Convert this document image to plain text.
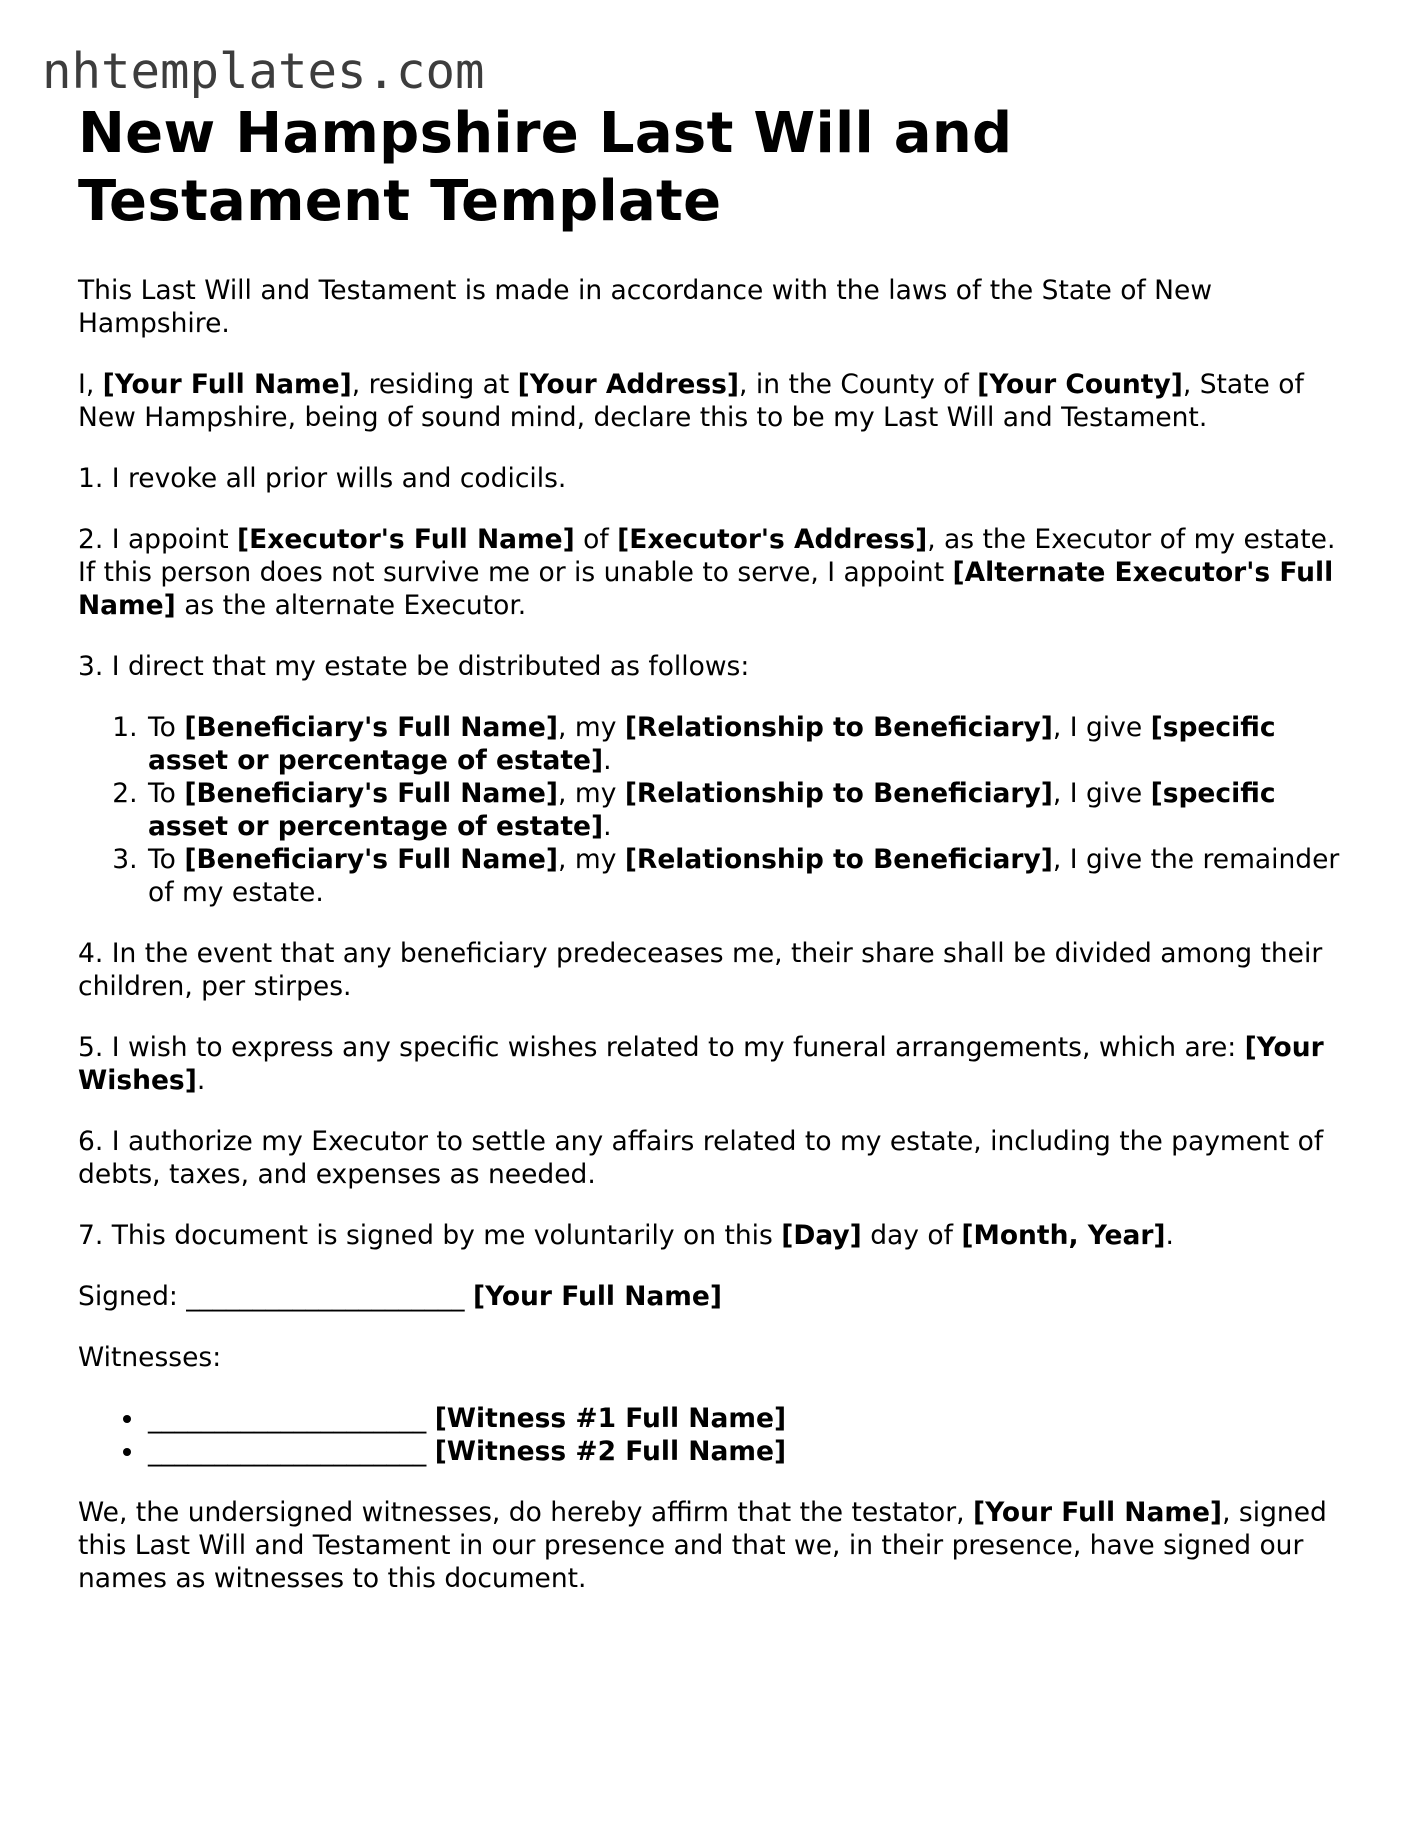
nhtemplates.com
New Hampshire Last Will and Testament Template

This Last Will and Testament is made in accordance with the laws of the State of New Hampshire.

I, [Your Full Name], residing at [Your Address], in the County of [Your County], State of New Hampshire, being of sound mind, declare this to be my Last Will and Testament.

1. I revoke all prior wills and codicils.

2. I appoint [Executor's Full Name] of [Executor's Address], as the Executor of my estate. If this person does not survive me or is unable to serve, I appoint [Alternate Executor's Full Name] as the alternate Executor.

3. I direct that my estate be distributed as follows:

1. To [Beneficiary's Full Name], my [Relationship to Beneficiary], I give [specific asset or percentage of estate].
2. To [Beneficiary's Full Name], my [Relationship to Beneficiary], I give [specific asset or percentage of estate].
3. To [Beneficiary's Full Name], my [Relationship to Beneficiary], I give the remainder of my estate.

4. In the event that any beneficiary predeceases me, their share shall be divided among their children, per stirpes.

5. I wish to express any specific wishes related to my funeral arrangements, which are: [Your Wishes].

6. I authorize my Executor to settle any affairs related to my estate, including the payment of debts, taxes, and expenses as needed.

7. This document is signed by me voluntarily on this [Day] day of [Month, Year].

Signed: _____________________ [Your Full Name]

Witnesses:

• _____________________ [Witness #1 Full Name]
• _____________________ [Witness #2 Full Name]

We, the undersigned witnesses, do hereby affirm that the testator, [Your Full Name], signed this Last Will and Testament in our presence and that we, in their presence, have signed our names as witnesses to this document.
